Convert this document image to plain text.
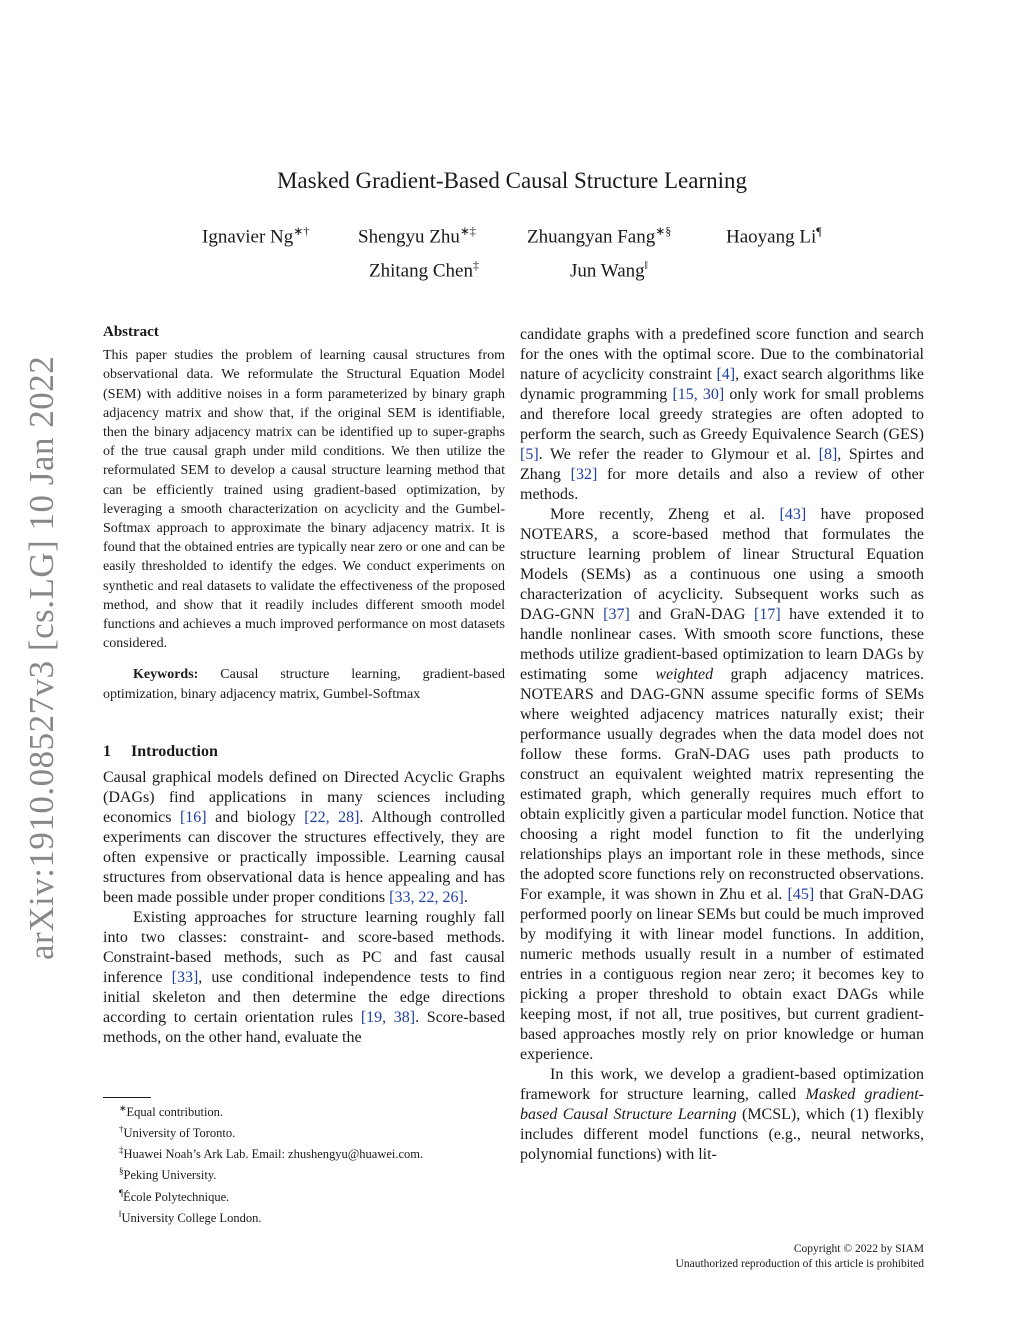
arXiv:1910.08527v3 [cs.LG] 10 Jan 2022
Masked Gradient-Based Causal Structure Learning
Ignavier Ng∗†	Shengyu Zhu∗‡	Zhuangyan Fang∗§	Haoyang Li¶
Zhitang Chen‡	Jun Wang‖
Abstract

This paper studies the problem of learning causal structures from observational data. We reformulate the Structural Equation Model (SEM) with additive noises in a form parameterized by binary graph adjacency matrix and show that, if the original SEM is identifiable, then the binary adjacency matrix can be identified up to super-graphs of the true causal graph under mild conditions. We then utilize the reformulated SEM to develop a causal structure learning method that can be efficiently trained using gradient-based optimization, by leveraging a smooth characterization on acyclicity and the Gumbel-Softmax approach to approximate the binary adjacency matrix. It is found that the obtained entries are typically near zero or one and can be easily thresholded to identify the edges. We conduct experiments on synthetic and real datasets to validate the effectiveness of the proposed method, and show that it readily includes different smooth model functions and achieves a much improved performance on most datasets considered.

Keywords: Causal structure learning, gradient-based optimization, binary adjacency matrix, Gumbel-Softmax

1 Introduction

Causal graphical models defined on Directed Acyclic Graphs (DAGs) find applications in many sciences including economics [16] and biology [22, 28]. Although controlled experiments can discover the structures effectively, they are often expensive or practically impossible. Learning causal structures from observational data is hence appealing and has been made possible under proper conditions [33, 22, 26].

Existing approaches for structure learning roughly fall into two classes: constraint- and score-based methods. Constraint-based methods, such as PC and fast causal inference [33], use conditional independence tests to find initial skeleton and then determine the edge directions according to certain orientation rules [19, 38]. Score-based methods, on the other hand, evaluate the

candidate graphs with a predefined score function and search for the ones with the optimal score. Due to the combinatorial nature of acyclicity constraint [4], exact search algorithms like dynamic programming [15, 30] only work for small problems and therefore local greedy strategies are often adopted to perform the search, such as Greedy Equivalence Search (GES) [5]. We refer the reader to Glymour et al. [8], Spirtes and Zhang [32] for more details and also a review of other methods.

More recently, Zheng et al. [43] have proposed NOTEARS, a score-based method that formulates the structure learning problem of linear Structural Equation Models (SEMs) as a continuous one using a smooth characterization of acyclicity. Subsequent works such as DAG-GNN [37] and GraN-DAG [17] have extended it to handle nonlinear cases. With smooth score functions, these methods utilize gradient-based optimization to learn DAGs by estimating some weighted graph adjacency matrices. NOTEARS and DAG-GNN assume specific forms of SEMs where weighted adjacency matrices naturally exist; their performance usually degrades when the data model does not follow these forms. GraN-DAG uses path products to construct an equivalent weighted matrix representing the estimated graph, which generally requires much effort to obtain explicitly given a particular model function. Notice that choosing a right model function to fit the underlying relationships plays an important role in these methods, since the adopted score functions rely on reconstructed observations. For example, it was shown in Zhu et al. [45] that GraN-DAG performed poorly on linear SEMs but could be much improved by modifying it with linear model functions. In addition, numeric methods usually result in a number of estimated entries in a contiguous region near zero; it becomes key to picking a proper threshold to obtain exact DAGs while keeping most, if not all, true positives, but current gradient-based approaches mostly rely on prior knowledge or human experience.

In this work, we develop a gradient-based optimization framework for structure learning, called Masked gradient-based Causal Structure Learning (MCSL), which (1) flexibly includes different model functions (e.g., neural networks, polynomial functions) with lit-

∗Equal contribution.
†University of Toronto.
‡Huawei Noah’s Ark Lab. Email: zhushengyu@huawei.com.
§Peking University.
¶École Polytechnique.
‖University College London.
Copyright © 2022 by SIAM
Unauthorized reproduction of this article is prohibited
